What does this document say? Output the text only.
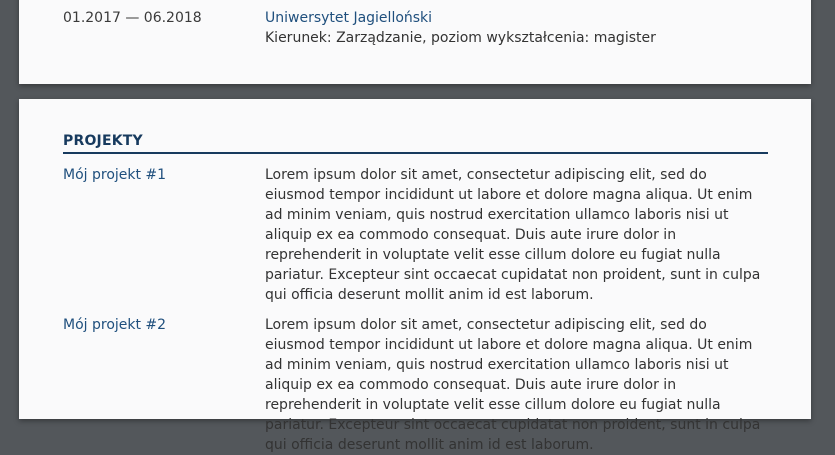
01.2017 — 06.2018	Uniwersytet Jagielloński
Kierunek: Zarządzanie, poziom wykształcenia: magister
PROJEKTY
Mój projekt #1	Lorem ipsum dolor sit amet, consectetur adipiscing elit, sed do eiusmod tempor incididunt ut labore et dolore magna aliqua. Ut enim ad minim veniam, quis nostrud exercitation ullamco laboris nisi ut aliquip ex ea commodo consequat. Duis aute irure dolor in reprehenderit in voluptate velit esse cillum dolore eu fugiat nulla pariatur. Excepteur sint occaecat cupidatat non proident, sunt in culpa qui officia deserunt mollit anim id est laborum.
Mój projekt #2	Lorem ipsum dolor sit amet, consectetur adipiscing elit, sed do eiusmod tempor incididunt ut labore et dolore magna aliqua. Ut enim ad minim veniam, quis nostrud exercitation ullamco laboris nisi ut aliquip ex ea commodo consequat. Duis aute irure dolor in reprehenderit in voluptate velit esse cillum dolore eu fugiat nulla pariatur. Excepteur sint occaecat cupidatat non proident, sunt in culpa qui officia deserunt mollit anim id est laborum.
